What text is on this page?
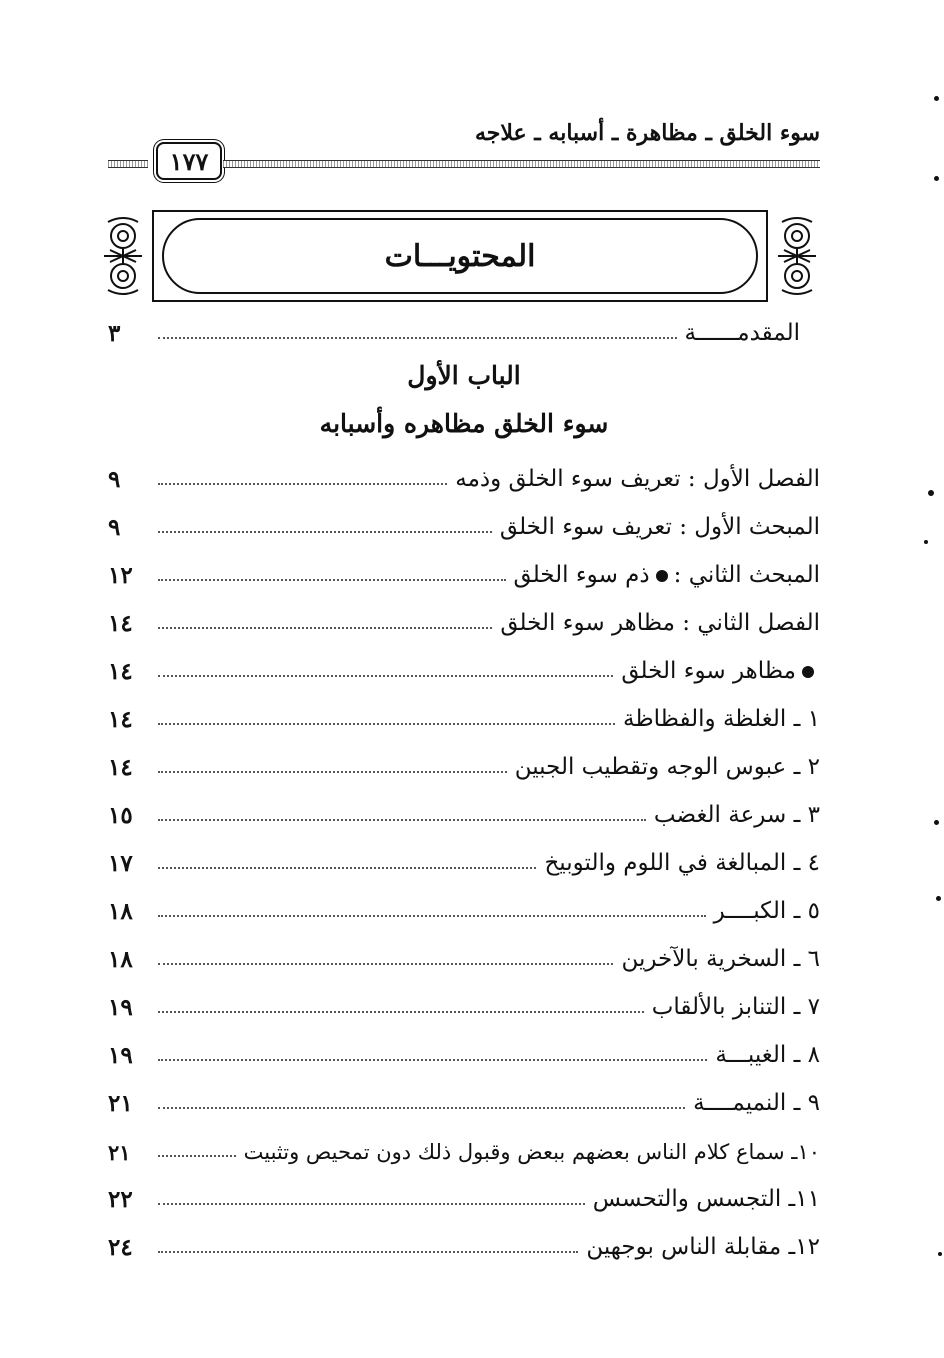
سوء الخلق ـ مظاهرة ـ أسبابه ـ علاجه
١٧٧
المحتويـــات
المقدمــــــة
٣
الباب الأول
سوء الخلق مظاهره وأسبابه
الفصل الأول : تعريف سوء الخلق وذمه
٩
المبحث الأول : تعريف سوء الخلق
٩
المبحث الثاني :ذم سوء الخلق
١٢
الفصل الثاني : مظاهر سوء الخلق
١٤
مظاهر سوء الخلق
١٤
١ ـ الغلظة والفظاظة
١٤
٢ ـ عبوس الوجه وتقطيب الجبين
١٤
٣ ـ سرعة الغضب
١٥
٤ ـ المبالغة في اللوم والتوبيخ
١٧
٥ ـ الكبــــر
١٨
٦ ـ السخرية بالآخرين
١٨
٧ ـ التنابز بالألقاب
١٩
٨ ـ الغيبـــة
١٩
٩ ـ النميمــــة
٢١
١٠ـ سماع كلام الناس بعضهم ببعض وقبول ذلك دون تمحيص وتثبيت
٢١
١١ـ التجسس والتحسس
٢٢
١٢ـ مقابلة الناس بوجهين
٢٤
